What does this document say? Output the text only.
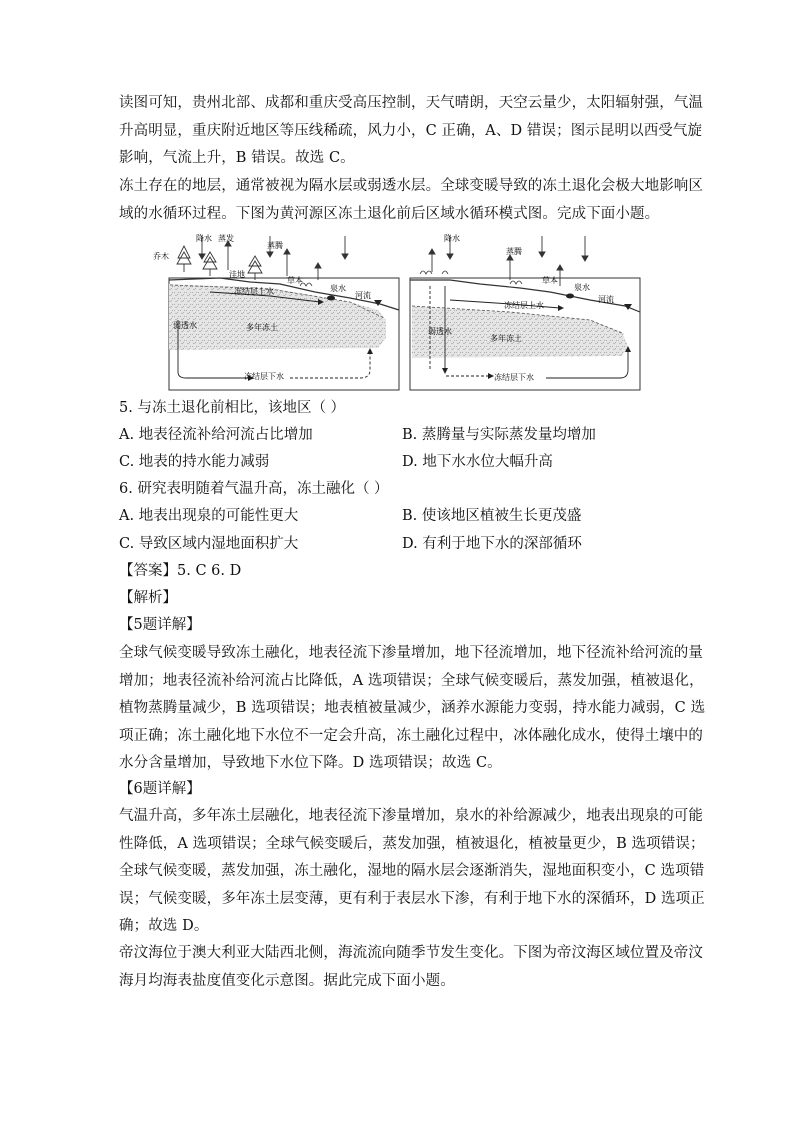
读图可知，贵州北部、成都和重庆受高压控制，天气晴朗，天空云量少，太阳辐射强，气温
升高明显，重庆附近地区等压线稀疏，风力小，C 正确，A、D 错误；图示昆明以西受气旋
影响，气流上升，B 错误。故选 C。
冻土存在的地层，通常被视为隔水层或弱透水层。全球变暖导致的冻土退化会极大地影响区
域的水循环过程。下图为黄河源区冻土退化前后区域水循环模式图。完成下面小题。
乔木
降水 蒸发
洼地
蒸腾
草本
泉水
河流
冻结层上水
弱透水	多年冻土
冻结层下水
降水
蒸腾
草本
泉水
河流
冻结层上水
弱透水
多年冻土
冻结层下水
5. 与冻土退化前相比，该地区（ ）
A. 地表径流补给河流占比增加	B. 蒸腾量与实际蒸发量均增加
C. 地表的持水能力减弱	D. 地下水水位大幅升高
6. 研究表明随着气温升高，冻土融化（ ）
A. 地表出现泉的可能性更大	B. 使该地区植被生长更茂盛
C. 导致区域内湿地面积扩大	D. 有利于地下水的深部循环
【答案】5. C 6. D
【解析】
【5题详解】
全球气候变暖导致冻土融化，地表径流下渗量增加，地下径流增加，地下径流补给河流的量
增加；地表径流补给河流占比降低，A 选项错误；全球气候变暖后，蒸发加强，植被退化，
植物蒸腾量减少，B 选项错误；地表植被量减少，涵养水源能力变弱，持水能力减弱，C 选
项正确；冻土融化地下水位不一定会升高，冻土融化过程中，冰体融化成水，使得土壤中的
水分含量增加，导致地下水位下降。D 选项错误；故选 C。
【6题详解】
气温升高，多年冻土层融化，地表径流下渗量增加，泉水的补给源减少，地表出现泉的可能
性降低，A 选项错误；全球气候变暖后，蒸发加强，植被退化，植被量更少，B 选项错误；
全球气候变暖，蒸发加强，冻土融化，湿地的隔水层会逐渐消失，湿地面积变小，C 选项错
误；气候变暖，多年冻土层变薄，更有利于表层水下渗，有利于地下水的深循环，D 选项正
确；故选 D。
帝汶海位于澳大利亚大陆西北侧，海流流向随季节发生变化。下图为帝汶海区域位置及帝汶
海月均海表盐度值变化示意图。据此完成下面小题。
